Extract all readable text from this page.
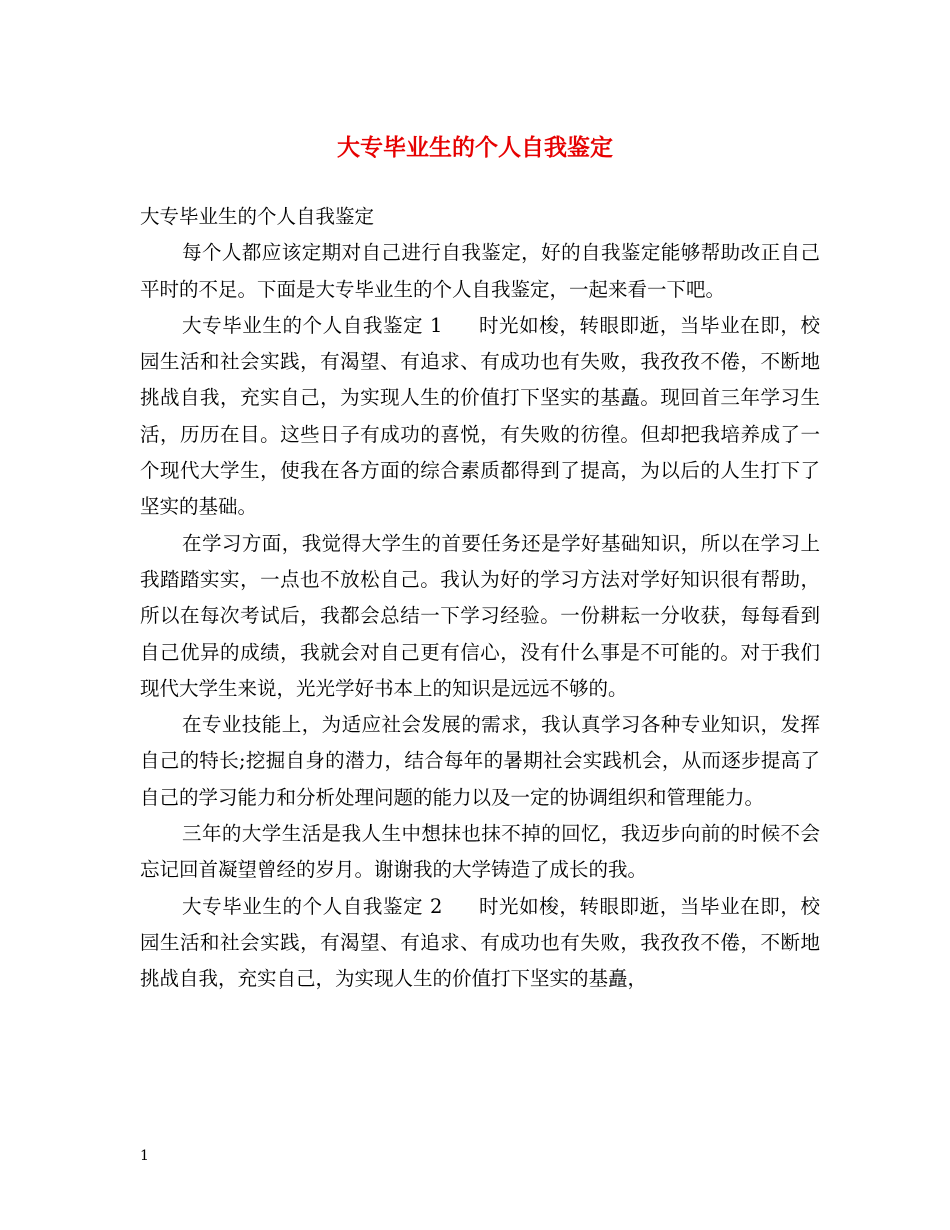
大专毕业生的个人自我鉴定

大专毕业生的个人自我鉴定

每个人都应该定期对自己进行自我鉴定，好的自我鉴定能够帮助改正自己平时的不足。下面是大专毕业生的个人自我鉴定，一起来看一下吧。

大专毕业生的个人自我鉴定 1 时光如梭，转眼即逝，当毕业在即，校园生活和社会实践，有渴望、有追求、有成功也有失败，我孜孜不倦，不断地挑战自我，充实自己，为实现人生的价值打下坚实的基矗。现回首三年学习生活，历历在目。这些日子有成功的喜悦，有失败的彷徨。但却把我培养成了一个现代大学生，使我在各方面的综合素质都得到了提高，为以后的人生打下了坚实的基础。

在学习方面，我觉得大学生的首要任务还是学好基础知识，所以在学习上我踏踏实实，一点也不放松自己。我认为好的学习方法对学好知识很有帮助，所以在每次考试后，我都会总结一下学习经验。一份耕耘一分收获，每每看到自己优异的成绩，我就会对自己更有信心，没有什么事是不可能的。对于我们现代大学生来说，光光学好书本上的知识是远远不够的。

在专业技能上，为适应社会发展的需求，我认真学习各种专业知识，发挥自己的特长;挖掘自身的潜力，结合每年的暑期社会实践机会，从而逐步提高了自己的学习能力和分析处理问题的能力以及一定的协调组织和管理能力。

三年的大学生活是我人生中想抹也抹不掉的回忆，我迈步向前的时候不会忘记回首凝望曾经的岁月。谢谢我的大学铸造了成长的我。

大专毕业生的个人自我鉴定 2 时光如梭，转眼即逝，当毕业在即，校园生活和社会实践，有渴望、有追求、有成功也有失败，我孜孜不倦，不断地挑战自我，充实自己，为实现人生的价值打下坚实的基矗，

1
